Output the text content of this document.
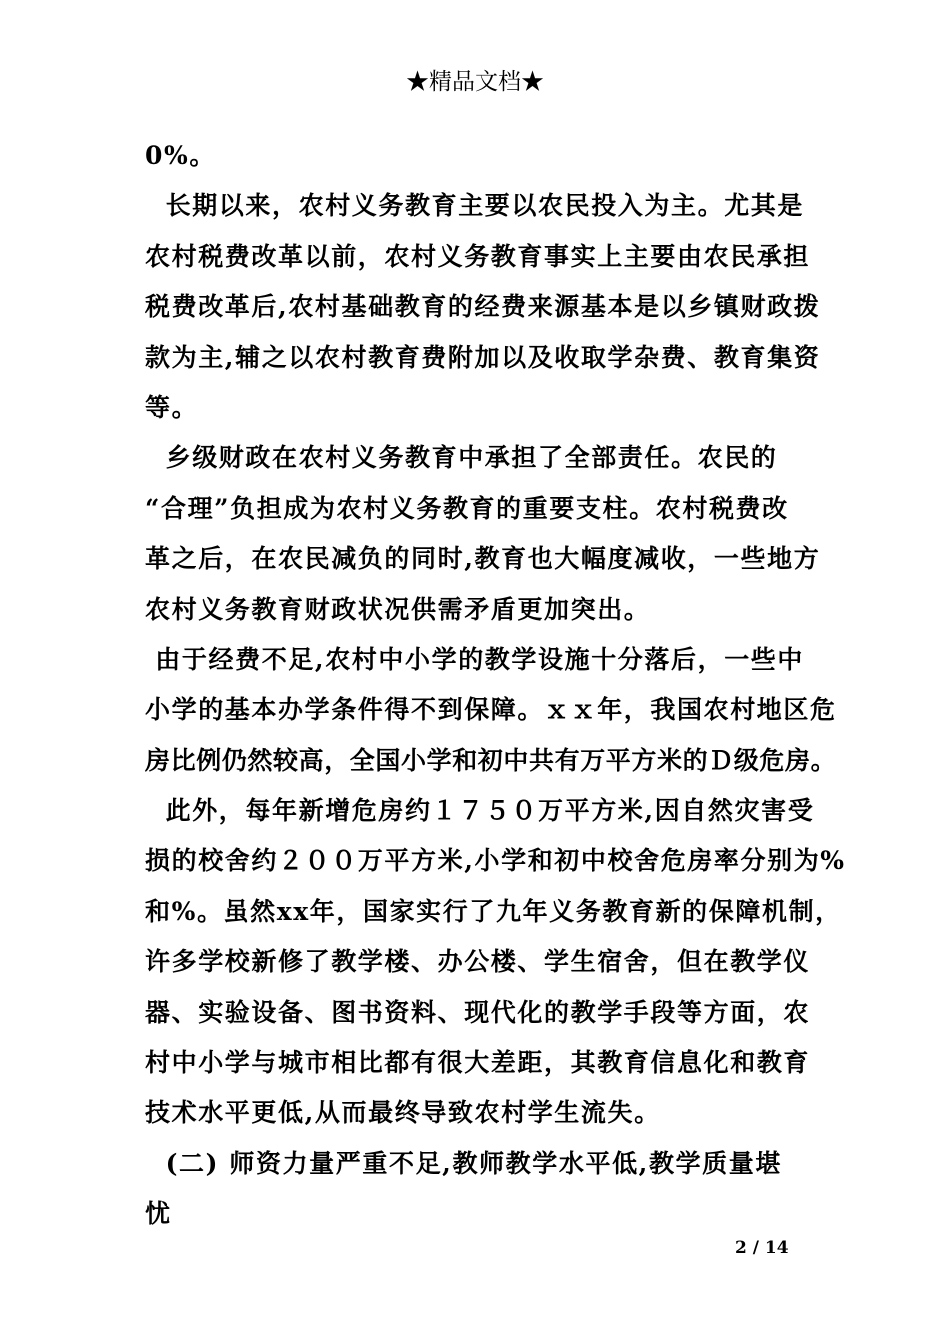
★精品文档★
0%。
长期以来，农村义务教育主要以农民投入为主。尤其是
农村税费改革以前，农村义务教育事实上主要由农民承担
税费改革后,农村基础教育的经费来源基本是以乡镇财政拨
款为主,辅之以农村教育费附加以及收取学杂费、教育集资
等。
乡级财政在农村义务教育中承担了全部责任。农民的
“合理”负担成为农村义务教育的重要支柱。农村税费改
革之后，在农民减负的同时,教育也大幅度减收，一些地方
农村义务教育财政状况供需矛盾更加突出。
由于经费不足,农村中小学的教学设施十分落后，一些中
小学的基本办学条件得不到保障。ｘｘ年，我国农村地区危
房比例仍然较高，全国小学和初中共有万平方米的Ｄ级危房。
此外，每年新增危房约１７５０万平方米,因自然灾害受
损的校舍约２００万平方米,小学和初中校舍危房率分别为%
和%。虽然xx年，国家实行了九年义务教育新的保障机制，
许多学校新修了教学楼、办公楼、学生宿舍，但在教学仪
器、实验设备、图书资料、现代化的教学手段等方面，农
村中小学与城市相比都有很大差距，其教育信息化和教育
技术水平更低,从而最终导致农村学生流失。
(二) 师资力量严重不足,教师教学水平低,教学质量堪
忧
2 / 14
